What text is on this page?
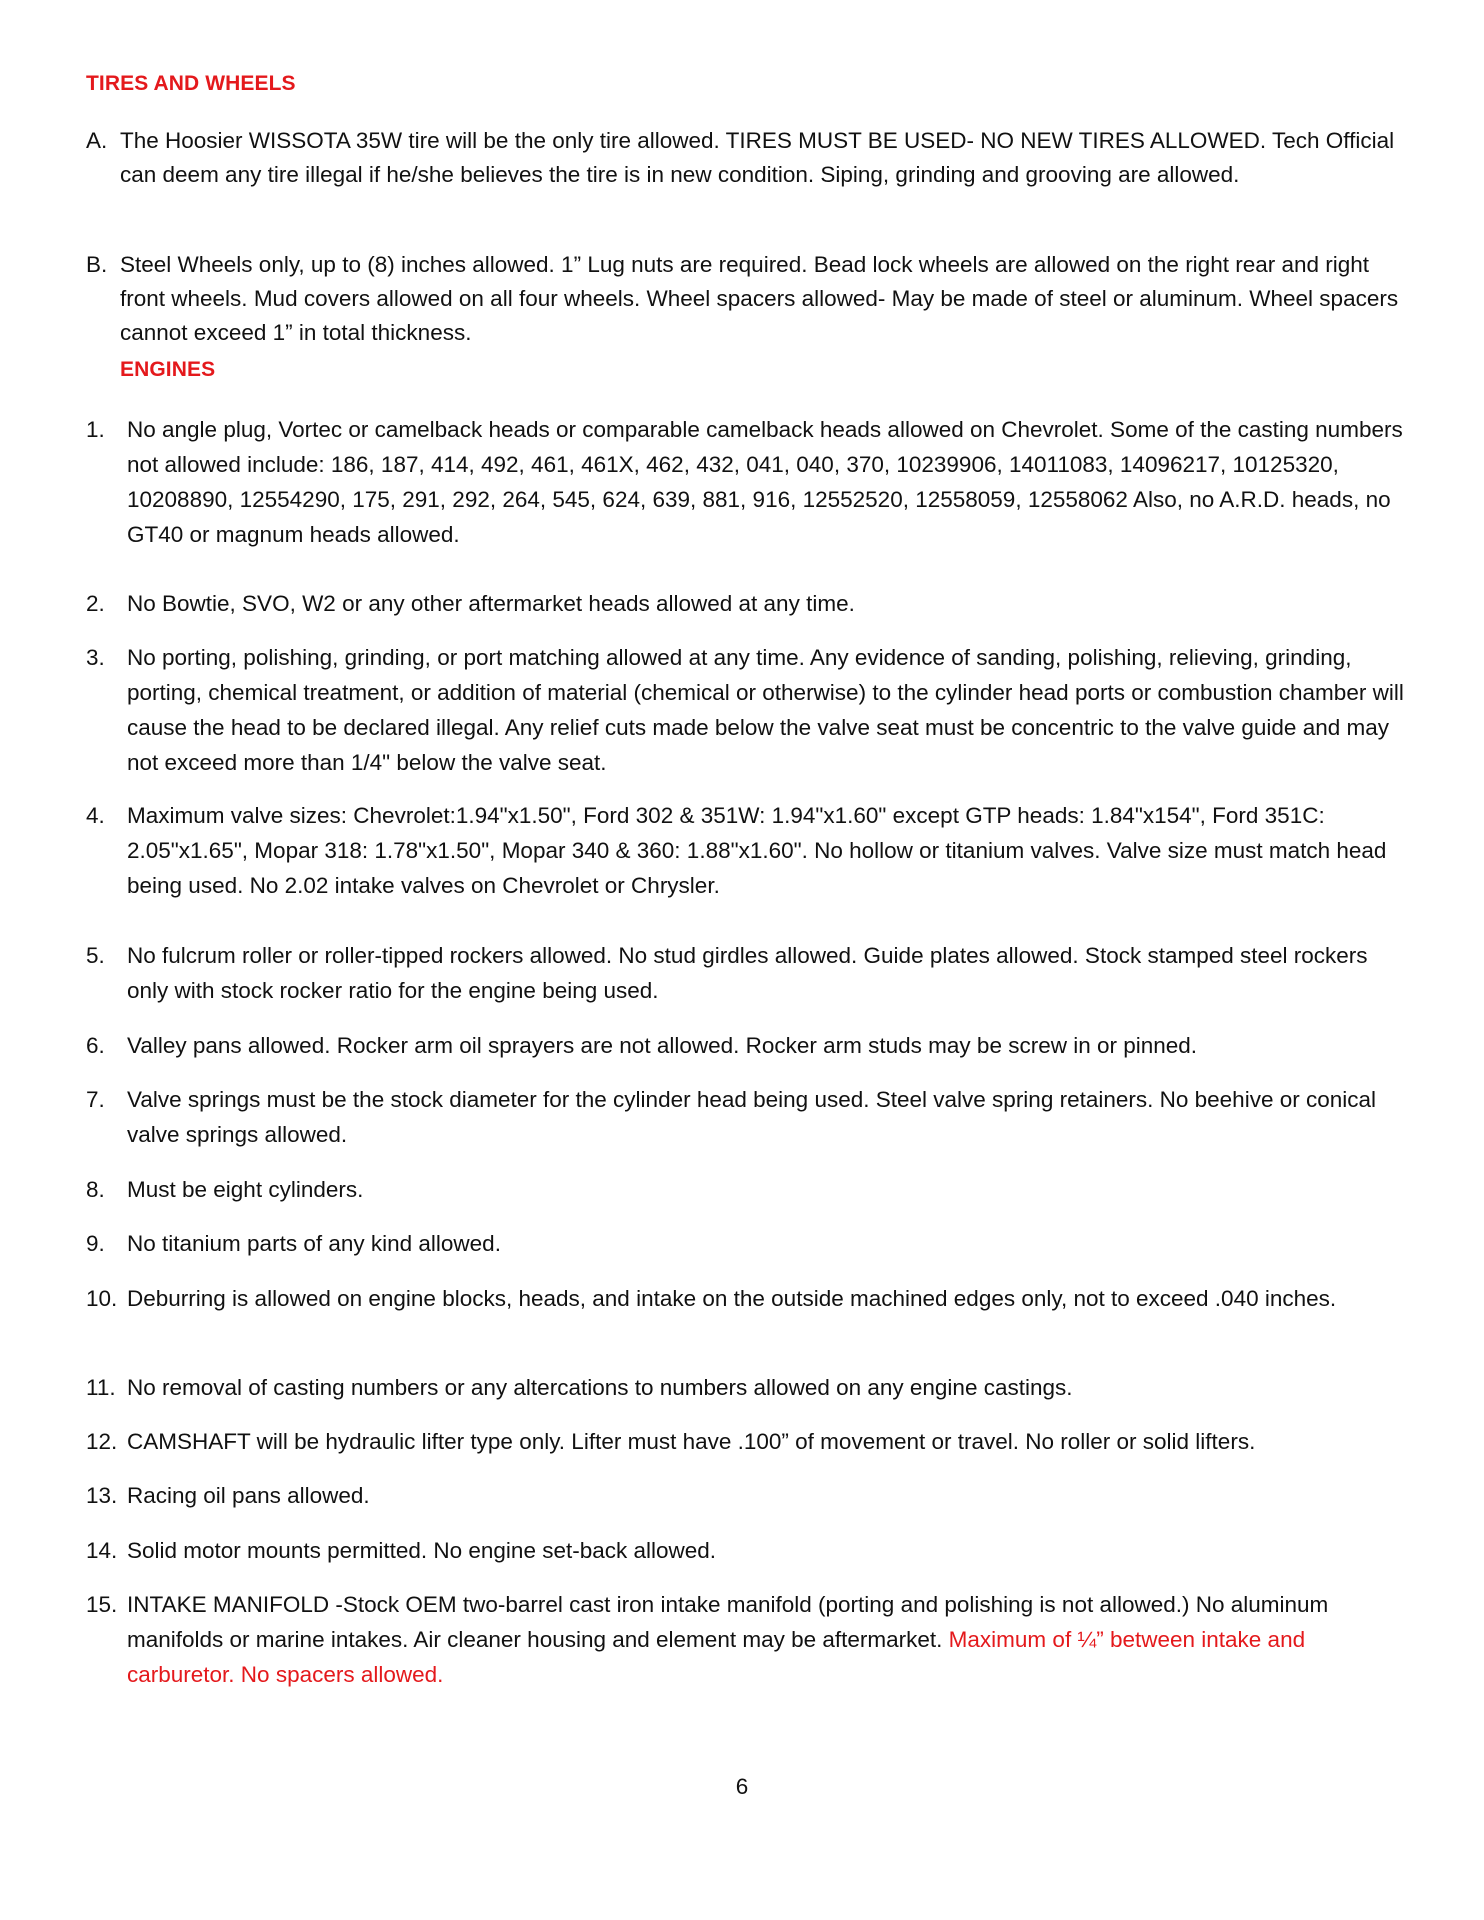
TIRES AND WHEELS
A. The Hoosier WISSOTA 35W tire will be the only tire allowed. TIRES MUST BE USED- NO NEW TIRES ALLOWED. Tech Official can deem any tire illegal if he/she believes the tire is in new condition. Siping, grinding and grooving are allowed.
B. Steel Wheels only, up to (8) inches allowed. 1” Lug nuts are required. Bead lock wheels are allowed on the right rear and right front wheels. Mud covers allowed on all four wheels. Wheel spacers allowed- May be made of steel or aluminum. Wheel spacers cannot exceed 1” in total thickness.
ENGINES
1. No angle plug, Vortec or camelback heads or comparable camelback heads allowed on Chevrolet. Some of the casting numbers not allowed include: 186, 187, 414, 492, 461, 461X, 462, 432, 041, 040, 370, 10239906, 14011083, 14096217, 10125320, 10208890, 12554290, 175, 291, 292, 264, 545, 624, 639, 881, 916, 12552520, 12558059, 12558062 Also, no A.R.D. heads, no GT40 or magnum heads allowed.
2. No Bowtie, SVO, W2 or any other aftermarket heads allowed at any time.
3. No porting, polishing, grinding, or port matching allowed at any time. Any evidence of sanding, polishing, relieving, grinding, porting, chemical treatment, or addition of material (chemical or otherwise) to the cylinder head ports or combustion chamber will cause the head to be declared illegal. Any relief cuts made below the valve seat must be concentric to the valve guide and may not exceed more than 1/4" below the valve seat.
4. Maximum valve sizes: Chevrolet:1.94"x1.50", Ford 302 & 351W: 1.94"x1.60" except GTP heads: 1.84"x154", Ford 351C: 2.05"x1.65", Mopar 318: 1.78"x1.50", Mopar 340 & 360: 1.88"x1.60". No hollow or titanium valves. Valve size must match head being used. No 2.02 intake valves on Chevrolet or Chrysler.
5. No fulcrum roller or roller-tipped rockers allowed. No stud girdles allowed. Guide plates allowed. Stock stamped steel rockers only with stock rocker ratio for the engine being used.
6. Valley pans allowed. Rocker arm oil sprayers are not allowed. Rocker arm studs may be screw in or pinned.
7. Valve springs must be the stock diameter for the cylinder head being used. Steel valve spring retainers. No beehive or conical valve springs allowed.
8. Must be eight cylinders.
9. No titanium parts of any kind allowed.
10. Deburring is allowed on engine blocks, heads, and intake on the outside machined edges only, not to exceed .040 inches.
11. No removal of casting numbers or any altercations to numbers allowed on any engine castings.
12. CAMSHAFT will be hydraulic lifter type only. Lifter must have .100” of movement or travel. No roller or solid lifters.
13. Racing oil pans allowed.
14. Solid motor mounts permitted. No engine set-back allowed.
15. INTAKE MANIFOLD -Stock OEM two-barrel cast iron intake manifold (porting and polishing is not allowed.) No aluminum manifolds or marine intakes. Air cleaner housing and element may be aftermarket. Maximum of ¼” between intake and carburetor. No spacers allowed.
6
